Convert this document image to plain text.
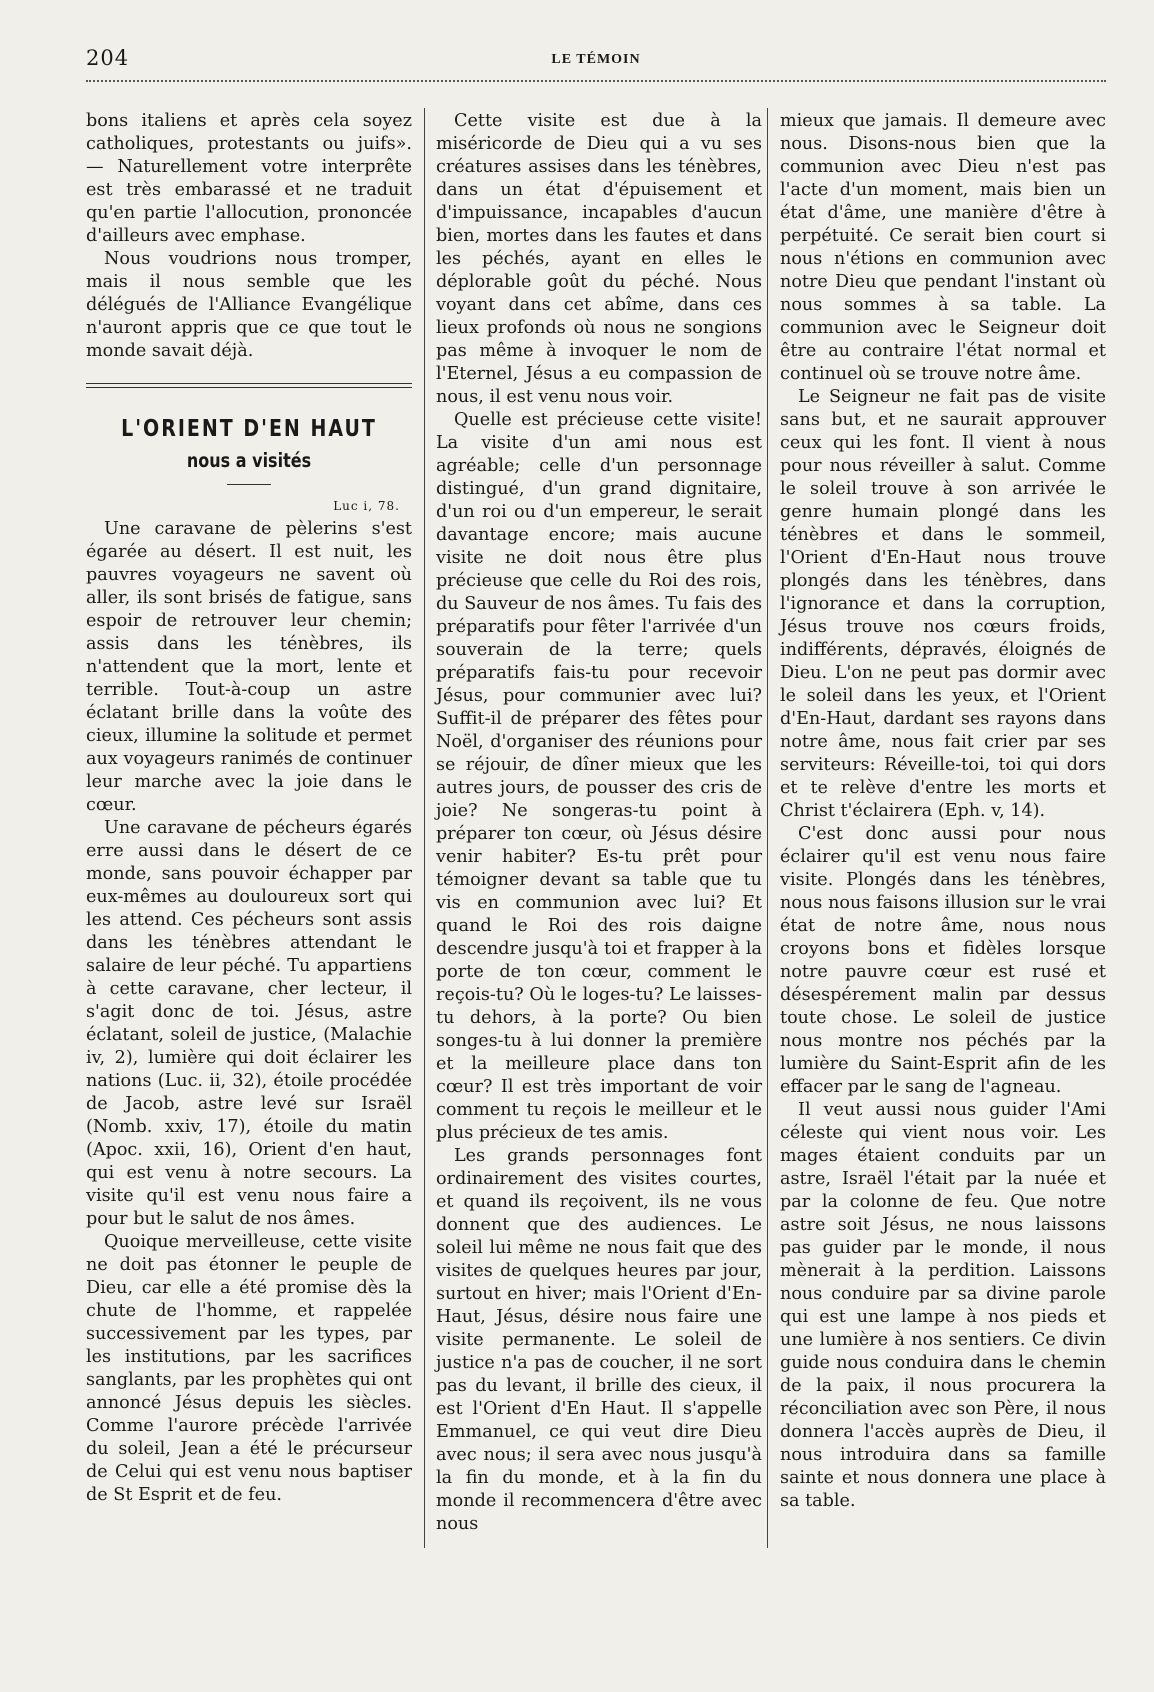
204	LE TÉMOIN

bons italiens et après cela soyez catholiques, protestants ou juifs». — Naturellement votre interprête est très embarassé et ne traduit qu'en partie l'allocution, prononcée d'ailleurs avec emphase.

Nous voudrions nous tromper, mais il nous semble que les délégués de l'Alliance Evangélique n'auront appris que ce que tout le monde savait déjà.

L'ORIENT D'EN HAUT
nous a visités
Luc i, 78.

Une caravane de pèlerins s'est égarée au désert. Il est nuit, les pauvres voyageurs ne savent où aller, ils sont brisés de fatigue, sans espoir de retrouver leur chemin; assis dans les ténèbres, ils n'attendent que la mort, lente et terrible. Tout-à-coup un astre éclatant brille dans la voûte des cieux, illumine la solitude et permet aux voyageurs ranimés de continuer leur marche avec la joie dans le cœur.

Une caravane de pécheurs égarés erre aussi dans le désert de ce monde, sans pouvoir échapper par eux-mêmes au douloureux sort qui les attend. Ces pécheurs sont assis dans les ténèbres attendant le salaire de leur péché. Tu appartiens à cette caravane, cher lecteur, il s'agit donc de toi. Jésus, astre éclatant, soleil de justice, (Malachie iv, 2), lumière qui doit éclairer les nations (Luc. ii, 32), étoile procédée de Jacob, astre levé sur Israël (Nomb. xxiv, 17), étoile du matin (Apoc. xxii, 16), Orient d'en haut, qui est venu à notre secours. La visite qu'il est venu nous faire a pour but le salut de nos âmes.

Quoique merveilleuse, cette visite ne doit pas étonner le peuple de Dieu, car elle a été promise dès la chute de l'homme, et rappelée successivement par les types, par les institutions, par les sacrifices sanglants, par les prophètes qui ont annoncé Jésus depuis les siècles. Comme l'aurore précède l'arrivée du soleil, Jean a été le précurseur de Celui qui est venu nous baptiser de St Esprit et de feu.

Cette visite est due à la miséricorde de Dieu qui a vu ses créatures assises dans les ténèbres, dans un état d'épuisement et d'impuissance, incapables d'aucun bien, mortes dans les fautes et dans les péchés, ayant en elles le déplorable goût du péché. Nous voyant dans cet abîme, dans ces lieux profonds où nous ne songions pas même à invoquer le nom de l'Eternel, Jésus a eu compassion de nous, il est venu nous voir.

Quelle est précieuse cette visite! La visite d'un ami nous est agréable; celle d'un personnage distingué, d'un grand dignitaire, d'un roi ou d'un empereur, le serait davantage encore; mais aucune visite ne doit nous être plus précieuse que celle du Roi des rois, du Sauveur de nos âmes. Tu fais des préparatifs pour fêter l'arrivée d'un souverain de la terre; quels préparatifs fais-tu pour recevoir Jésus, pour communier avec lui? Suffit-il de préparer des fêtes pour Noël, d'organiser des réunions pour se réjouir, de dîner mieux que les autres jours, de pousser des cris de joie? Ne songeras-tu point à préparer ton cœur, où Jésus désire venir habiter? Es-tu prêt pour témoigner devant sa table que tu vis en communion avec lui? Et quand le Roi des rois daigne descendre jusqu'à toi et frapper à la porte de ton cœur, comment le reçois-tu? Où le loges-tu? Le laisses-tu dehors, à la porte? Ou bien songes-tu à lui donner la première et la meilleure place dans ton cœur? Il est très important de voir comment tu reçois le meilleur et le plus précieux de tes amis.

Les grands personnages font ordinairement des visites courtes, et quand ils reçoivent, ils ne vous donnent que des audiences. Le soleil lui même ne nous fait que des visites de quelques heures par jour, surtout en hiver; mais l'Orient d'En-Haut, Jésus, désire nous faire une visite permanente. Le soleil de justice n'a pas de coucher, il ne sort pas du levant, il brille des cieux, il est l'Orient d'En Haut. Il s'appelle Emmanuel, ce qui veut dire Dieu avec nous; il sera avec nous jusqu'à la fin du monde, et à la fin du monde il recommencera d'être avec nous

mieux que jamais. Il demeure avec nous. Disons-nous bien que la communion avec Dieu n'est pas l'acte d'un moment, mais bien un état d'âme, une manière d'être à perpétuité. Ce serait bien court si nous n'étions en communion avec notre Dieu que pendant l'instant où nous sommes à sa table. La communion avec le Seigneur doit être au contraire l'état normal et continuel où se trouve notre âme.

Le Seigneur ne fait pas de visite sans but, et ne saurait approuver ceux qui les font. Il vient à nous pour nous réveiller à salut. Comme le soleil trouve à son arrivée le genre humain plongé dans les ténèbres et dans le sommeil, l'Orient d'En-Haut nous trouve plongés dans les ténèbres, dans l'ignorance et dans la corruption, Jésus trouve nos cœurs froids, indifférents, dépravés, éloignés de Dieu. L'on ne peut pas dormir avec le soleil dans les yeux, et l'Orient d'En-Haut, dardant ses rayons dans notre âme, nous fait crier par ses serviteurs: Réveille-toi, toi qui dors et te relève d'entre les morts et Christ t'éclairera (Eph. v, 14).

C'est donc aussi pour nous éclairer qu'il est venu nous faire visite. Plongés dans les ténèbres, nous nous faisons illusion sur le vrai état de notre âme, nous nous croyons bons et fidèles lorsque notre pauvre cœur est rusé et désespérement malin par dessus toute chose. Le soleil de justice nous montre nos péchés par la lumière du Saint-Esprit afin de les effacer par le sang de l'agneau.

Il veut aussi nous guider l'Ami céleste qui vient nous voir. Les mages étaient conduits par un astre, Israël l'était par la nuée et par la colonne de feu. Que notre astre soit Jésus, ne nous laissons pas guider par le monde, il nous mènerait à la perdition. Laissons nous conduire par sa divine parole qui est une lampe à nos pieds et une lumière à nos sentiers. Ce divin guide nous conduira dans le chemin de la paix, il nous procurera la réconciliation avec son Père, il nous donnera l'accès auprès de Dieu, il nous introduira dans sa famille sainte et nous donnera une place à sa table.
